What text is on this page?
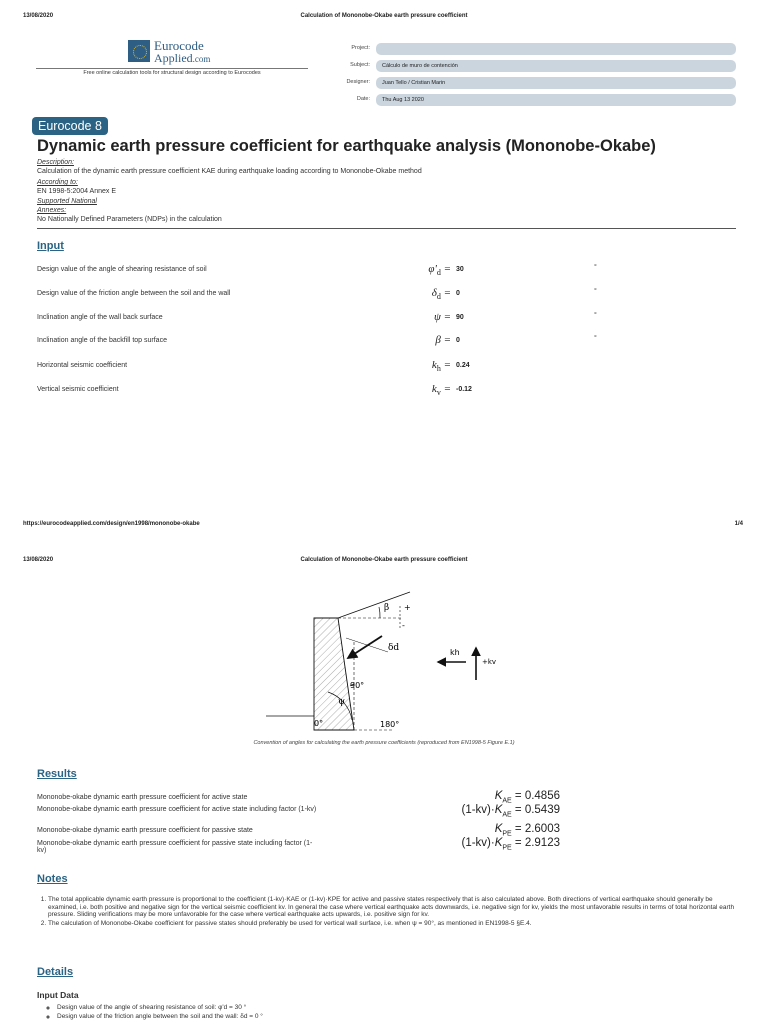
13/08/2020	Calculation of Mononobe-Okabe earth pressure coefficient
Eurocode
Applied.com
Free online calculation tools for structural design according to Eurocodes
Project:
Subject:	Cálculo de muro de contención
Designer:	Juan Tello / Cristian Marin
Date:	Thu Aug 13 2020
Eurocode 8
Dynamic earth pressure coefficient for earthquake analysis (Mononobe-Okabe)
Description:
Calculation of the dynamic earth pressure coefficient KAE during earthquake loading according to Mononobe-Okabe method
According to:
EN 1998-5:2004 Annex E
Supported National
Annexes:
No Nationally Defined Parameters (NDPs) in the calculation
Input
Design value of the angle of shearing resistance of soil	$\varphi'_d = 30$	°
Design value of the friction angle between the soil and the wall	$\delta_d = 0$	°
Inclination angle of the wall back surface	ψ = 90	°
Inclination angle of the backfill top surface	β = 0	°
Horizontal seismic coefficient	$k_h = 0.24$
Vertical seismic coefficient	$k_v = -0.12$
https://eurocodeapplied.com/design/en1998/mononobe-okabe	1/4
13/08/2020	Calculation of Mononobe-Okabe earth pressure coefficient
β +
-
δd	kh
+kv
90°
ψ
0°	180°
Convention of angles for calculating the earth pressure coefficients (reproduced from EN1998-5 Figure E.1)
Results
Mononobe-okabe dynamic earth pressure coefficient for active state	$K_{AE} = 0.4856$
Mononobe-okabe dynamic earth pressure coefficient for active state including factor (1-kv)	$(1-kv)\cdot K_{AE} = 0.5439$
Mononobe-okabe dynamic earth pressure coefficient for passive state	$K_{PE} = 2.6003$
Mononobe-okabe dynamic earth pressure coefficient for passive state including factor (1-kv)
$(1-kv)\cdot K_{PE} = 2.9123$
Notes
1. The total applicable dynamic earth pressure is proportional to the coefficient (1-kv)·KAE or (1-kv)·KPE for active and passive states respectively that is also calculated above. Both directions of vertical earthquake should generally be examined, i.e. both positive and negative sign for the vertical seismic coefficient kv. In general the case where vertical earthquake acts downwards, i.e. negative sign for kv, yields the most unfavorable results in terms of total horizontal earth pressure. Sliding verifications may be more unfavorable for the case where vertical earthquake acts upwards, i.e. positive sign for kv.
2. The calculation of Mononobe-Okabe coefficient for passive states should preferably be used for vertical wall surface, i.e. when ψ = 90°, as mentioned in EN1998-5 §E.4.
Details
Input Data
◦ Design value of the angle of shearing resistance of soil: φ'd = 30 °
◦ Design value of the friction angle between the soil and the wall: δd = 0 °
